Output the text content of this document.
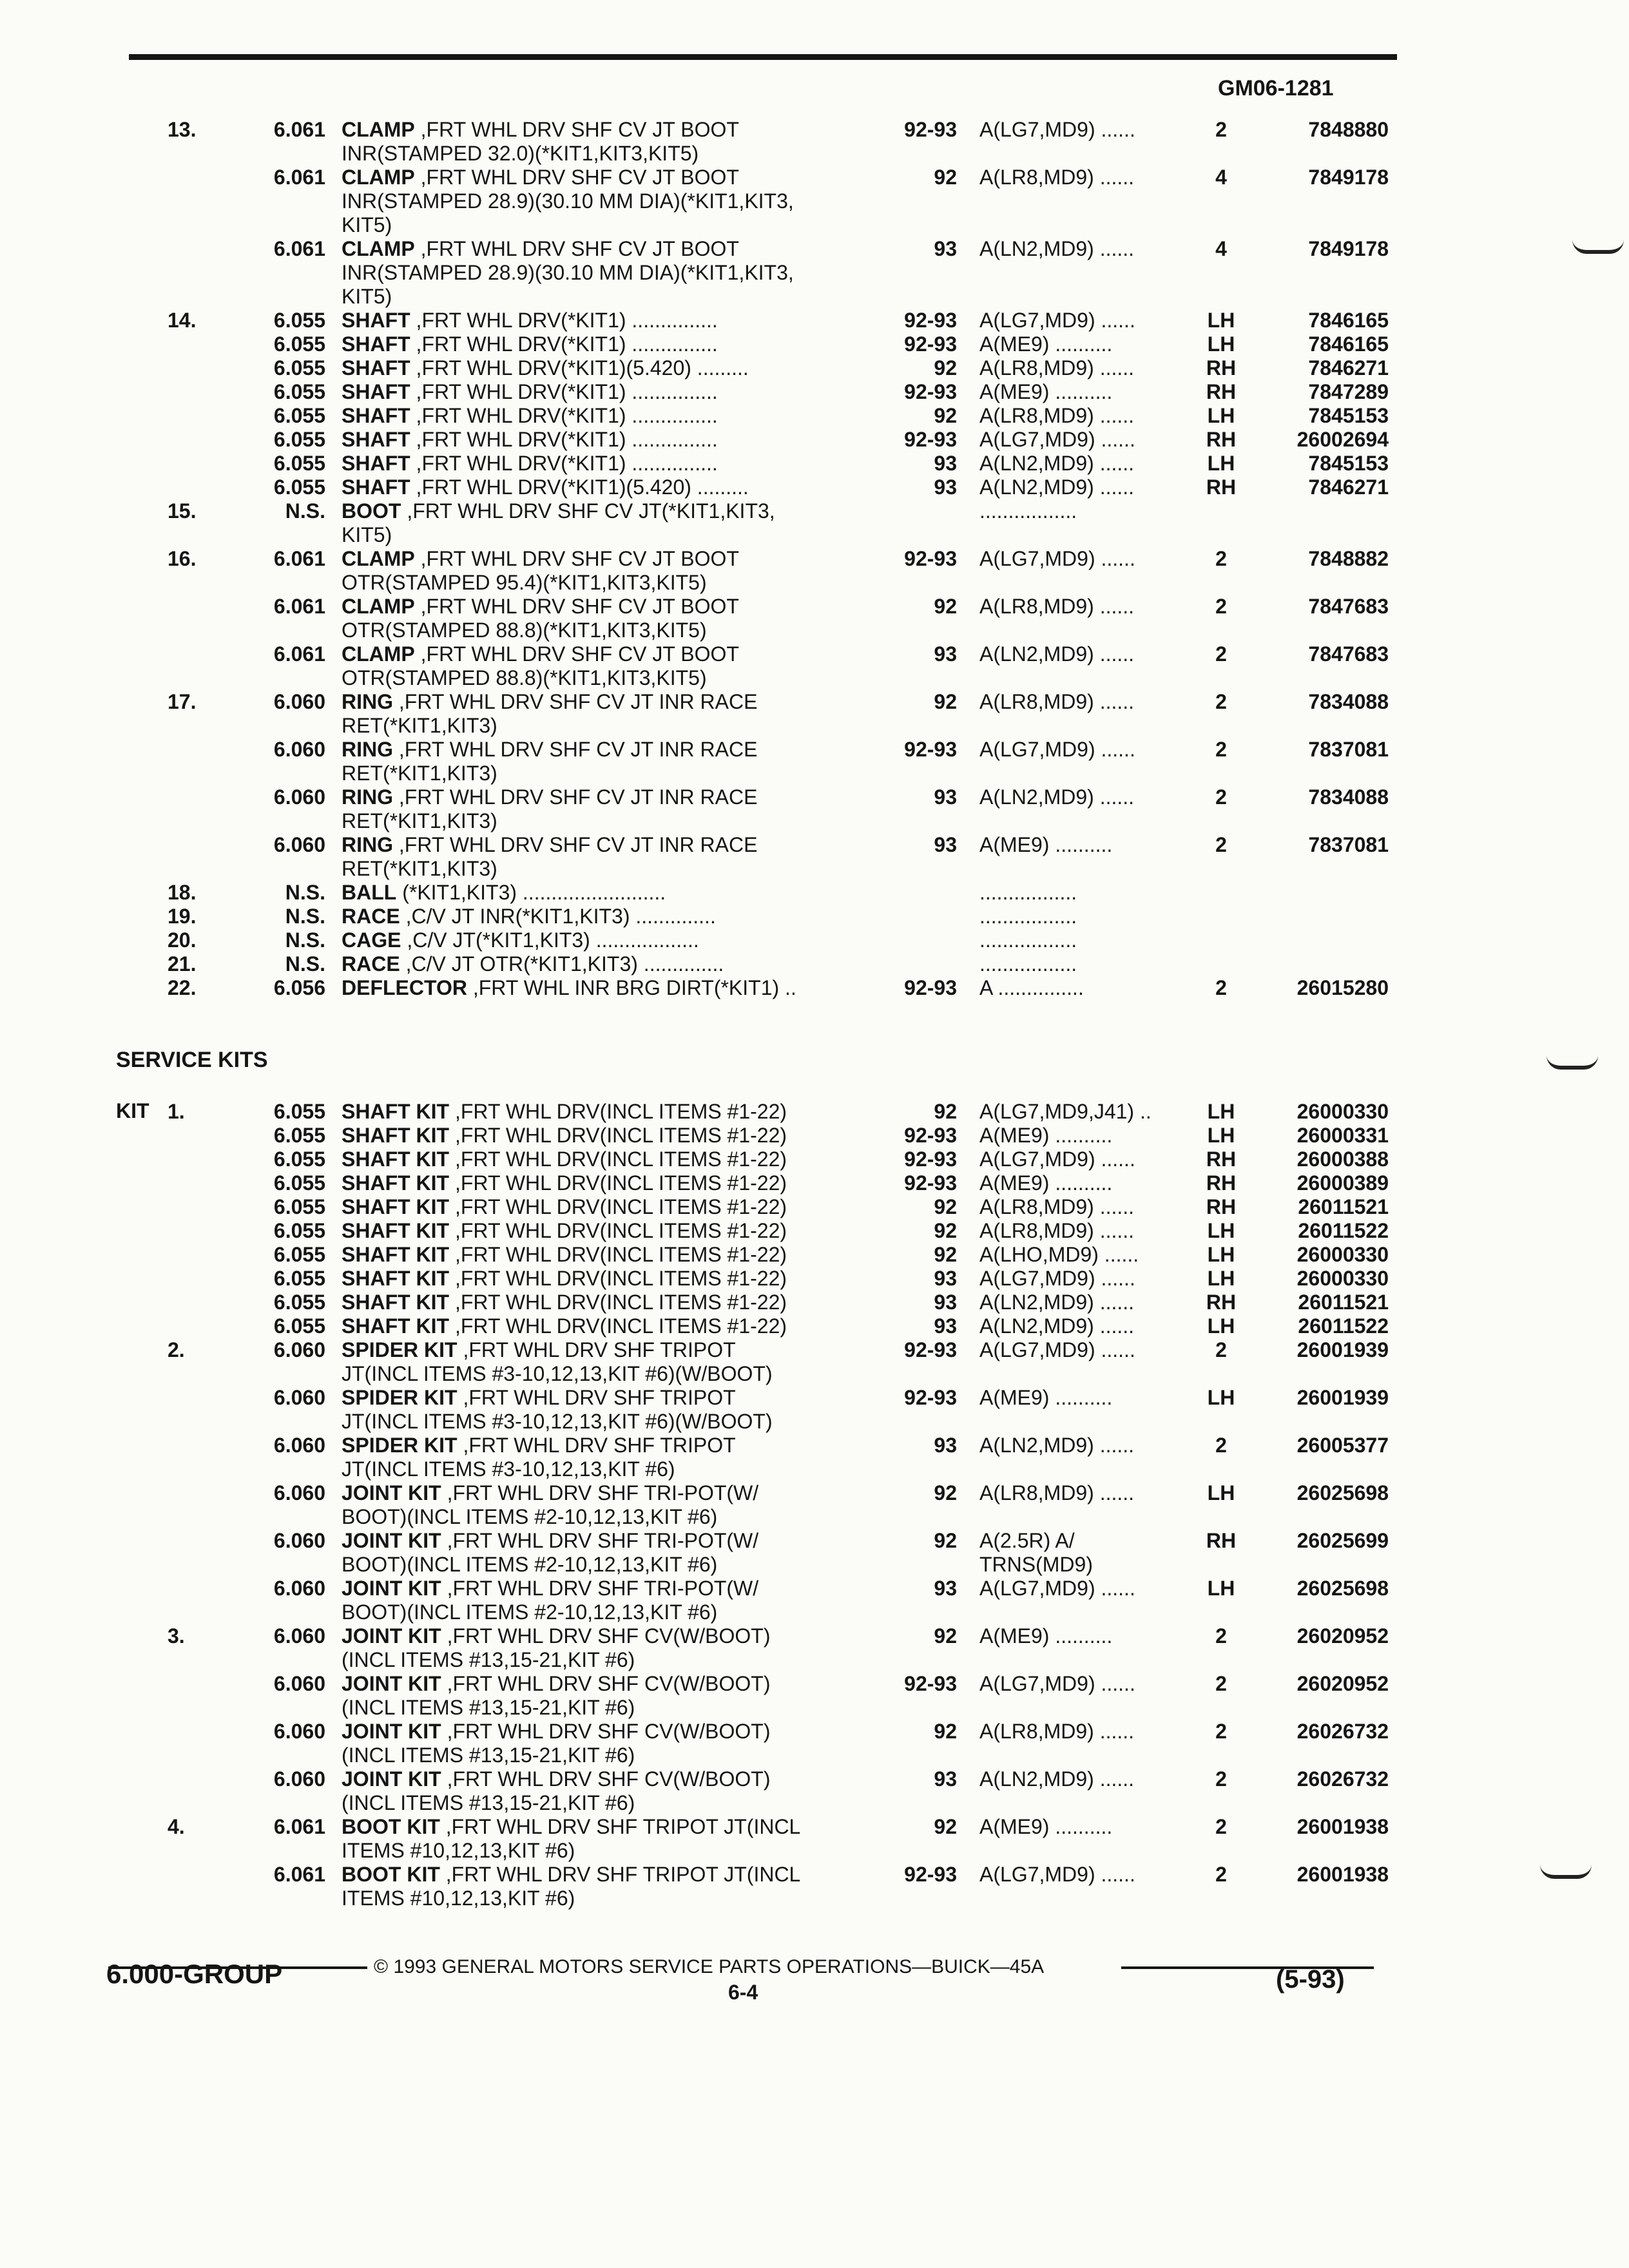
GM06-1281
13.	6.061 CLAMP ,FRT WHL DRV SHF CV JT BOOT	92-93 A(LG7,MD9) ......	2	7848880
INR(STAMPED 32.0)(*KIT1,KIT3,KIT5)
6.061 CLAMP ,FRT WHL DRV SHF CV JT BOOT	92 A(LR8,MD9) ......	4	7849178
INR(STAMPED 28.9)(30.10 MM DIA)(*KIT1,KIT3,
KIT5)
6.061 CLAMP ,FRT WHL DRV SHF CV JT BOOT	93 A(LN2,MD9) ......	4	7849178
INR(STAMPED 28.9)(30.10 MM DIA)(*KIT1,KIT3,
KIT5)
14.	6.055 SHAFT ,FRT WHL DRV(*KIT1) ...............	92-93 A(LG7,MD9) ......	LH	7846165
6.055 SHAFT ,FRT WHL DRV(*KIT1) ...............	92-93 A(ME9) ..........	LH	7846165
6.055 SHAFT ,FRT WHL DRV(*KIT1)(5.420) .........	92 A(LR8,MD9) ......	RH	7846271
6.055 SHAFT ,FRT WHL DRV(*KIT1) ...............	92-93 A(ME9) ..........	RH	7847289
6.055 SHAFT ,FRT WHL DRV(*KIT1) ...............	92 A(LR8,MD9) ......	LH	7845153
6.055 SHAFT ,FRT WHL DRV(*KIT1) ...............	92-93 A(LG7,MD9) ......	RH	26002694
6.055 SHAFT ,FRT WHL DRV(*KIT1) ...............	93 A(LN2,MD9) ......	LH	7845153
6.055 SHAFT ,FRT WHL DRV(*KIT1)(5.420) .........	93 A(LN2,MD9) ......	RH	7846271
15.	N.S. BOOT ,FRT WHL DRV SHF CV JT(*KIT1,KIT3,	.................
KIT5)
16.	6.061 CLAMP ,FRT WHL DRV SHF CV JT BOOT	92-93 A(LG7,MD9) ......	2	7848882
OTR(STAMPED 95.4)(*KIT1,KIT3,KIT5)
6.061 CLAMP ,FRT WHL DRV SHF CV JT BOOT	92 A(LR8,MD9) ......	2	7847683
OTR(STAMPED 88.8)(*KIT1,KIT3,KIT5)
6.061 CLAMP ,FRT WHL DRV SHF CV JT BOOT	93 A(LN2,MD9) ......	2	7847683
OTR(STAMPED 88.8)(*KIT1,KIT3,KIT5)
17.	6.060 RING ,FRT WHL DRV SHF CV JT INR RACE	92 A(LR8,MD9) ......	2	7834088
RET(*KIT1,KIT3)
6.060 RING ,FRT WHL DRV SHF CV JT INR RACE	92-93 A(LG7,MD9) ......	2	7837081
RET(*KIT1,KIT3)
6.060 RING ,FRT WHL DRV SHF CV JT INR RACE	93 A(LN2,MD9) ......	2	7834088
RET(*KIT1,KIT3)
6.060 RING ,FRT WHL DRV SHF CV JT INR RACE	93 A(ME9) ..........	2	7837081
RET(*KIT1,KIT3)
18.	N.S. BALL (*KIT1,KIT3) .........................	.................
19.	N.S. RACE ,C/V JT INR(*KIT1,KIT3) ..............	.................
20.	N.S. CAGE ,C/V JT(*KIT1,KIT3) ..................	.................
21.	N.S. RACE ,C/V JT OTR(*KIT1,KIT3) ..............	.................
22.	6.056 DEFLECTOR ,FRT WHL INR BRG DIRT(*KIT1) ..	92-93 A ...............	2	26015280
1.	6.055 SHAFT KIT ,FRT WHL DRV(INCL ITEMS #1-22)	92 A(LG7,MD9,J41) ..	LH	26000330
6.055 SHAFT KIT ,FRT WHL DRV(INCL ITEMS #1-22)	92-93 A(ME9) ..........	LH	26000331
6.055 SHAFT KIT ,FRT WHL DRV(INCL ITEMS #1-22)	92-93 A(LG7,MD9) ......	RH	26000388
6.055 SHAFT KIT ,FRT WHL DRV(INCL ITEMS #1-22)	92-93 A(ME9) ..........	RH	26000389
6.055 SHAFT KIT ,FRT WHL DRV(INCL ITEMS #1-22)	92 A(LR8,MD9) ......	RH	26011521
6.055 SHAFT KIT ,FRT WHL DRV(INCL ITEMS #1-22)	92 A(LR8,MD9) ......	LH	26011522
6.055 SHAFT KIT ,FRT WHL DRV(INCL ITEMS #1-22)	92 A(LHO,MD9) ......	LH	26000330
6.055 SHAFT KIT ,FRT WHL DRV(INCL ITEMS #1-22)	93 A(LG7,MD9) ......	LH	26000330
6.055 SHAFT KIT ,FRT WHL DRV(INCL ITEMS #1-22)	93 A(LN2,MD9) ......	RH	26011521
6.055 SHAFT KIT ,FRT WHL DRV(INCL ITEMS #1-22)	93 A(LN2,MD9) ......	LH	26011522
2.	6.060 SPIDER KIT ,FRT WHL DRV SHF TRIPOT	92-93 A(LG7,MD9) ......	2	26001939
JT(INCL ITEMS #3-10,12,13,KIT #6)(W/BOOT)
6.060 SPIDER KIT ,FRT WHL DRV SHF TRIPOT	92-93 A(ME9) ..........	LH	26001939
JT(INCL ITEMS #3-10,12,13,KIT #6)(W/BOOT)
6.060 SPIDER KIT ,FRT WHL DRV SHF TRIPOT	93 A(LN2,MD9) ......	2	26005377
JT(INCL ITEMS #3-10,12,13,KIT #6)
6.060 JOINT KIT ,FRT WHL DRV SHF TRI-POT(W/	92 A(LR8,MD9) ......	LH	26025698
BOOT)(INCL ITEMS #2-10,12,13,KIT #6)
6.060 JOINT KIT ,FRT WHL DRV SHF TRI-POT(W/	92 A(2.5R) A/	RH	26025699
BOOT)(INCL ITEMS #2-10,12,13,KIT #6)	TRNS(MD9)
6.060 JOINT KIT ,FRT WHL DRV SHF TRI-POT(W/	93 A(LG7,MD9) ......	LH	26025698
BOOT)(INCL ITEMS #2-10,12,13,KIT #6)
3.	6.060 JOINT KIT ,FRT WHL DRV SHF CV(W/BOOT)	92 A(ME9) ..........	2	26020952
(INCL ITEMS #13,15-21,KIT #6)
6.060 JOINT KIT ,FRT WHL DRV SHF CV(W/BOOT)	92-93 A(LG7,MD9) ......	2	26020952
(INCL ITEMS #13,15-21,KIT #6)
6.060 JOINT KIT ,FRT WHL DRV SHF CV(W/BOOT)	92 A(LR8,MD9) ......	2	26026732
(INCL ITEMS #13,15-21,KIT #6)
6.060 JOINT KIT ,FRT WHL DRV SHF CV(W/BOOT)	93 A(LN2,MD9) ......	2	26026732
(INCL ITEMS #13,15-21,KIT #6)
4.	6.061 BOOT KIT ,FRT WHL DRV SHF TRIPOT JT(INCL	92 A(ME9) ..........	2	26001938
ITEMS #10,12,13,KIT #6)
6.061 BOOT KIT ,FRT WHL DRV SHF TRIPOT JT(INCL	92-93 A(LG7,MD9) ......	2	26001938
ITEMS #10,12,13,KIT #6)
SERVICE KITS
KIT
6.000-GROUP	© 1993 GENERAL MOTORS SERVICE PARTS OPERATIONS—BUICK—45A
6-4	(5-93)
